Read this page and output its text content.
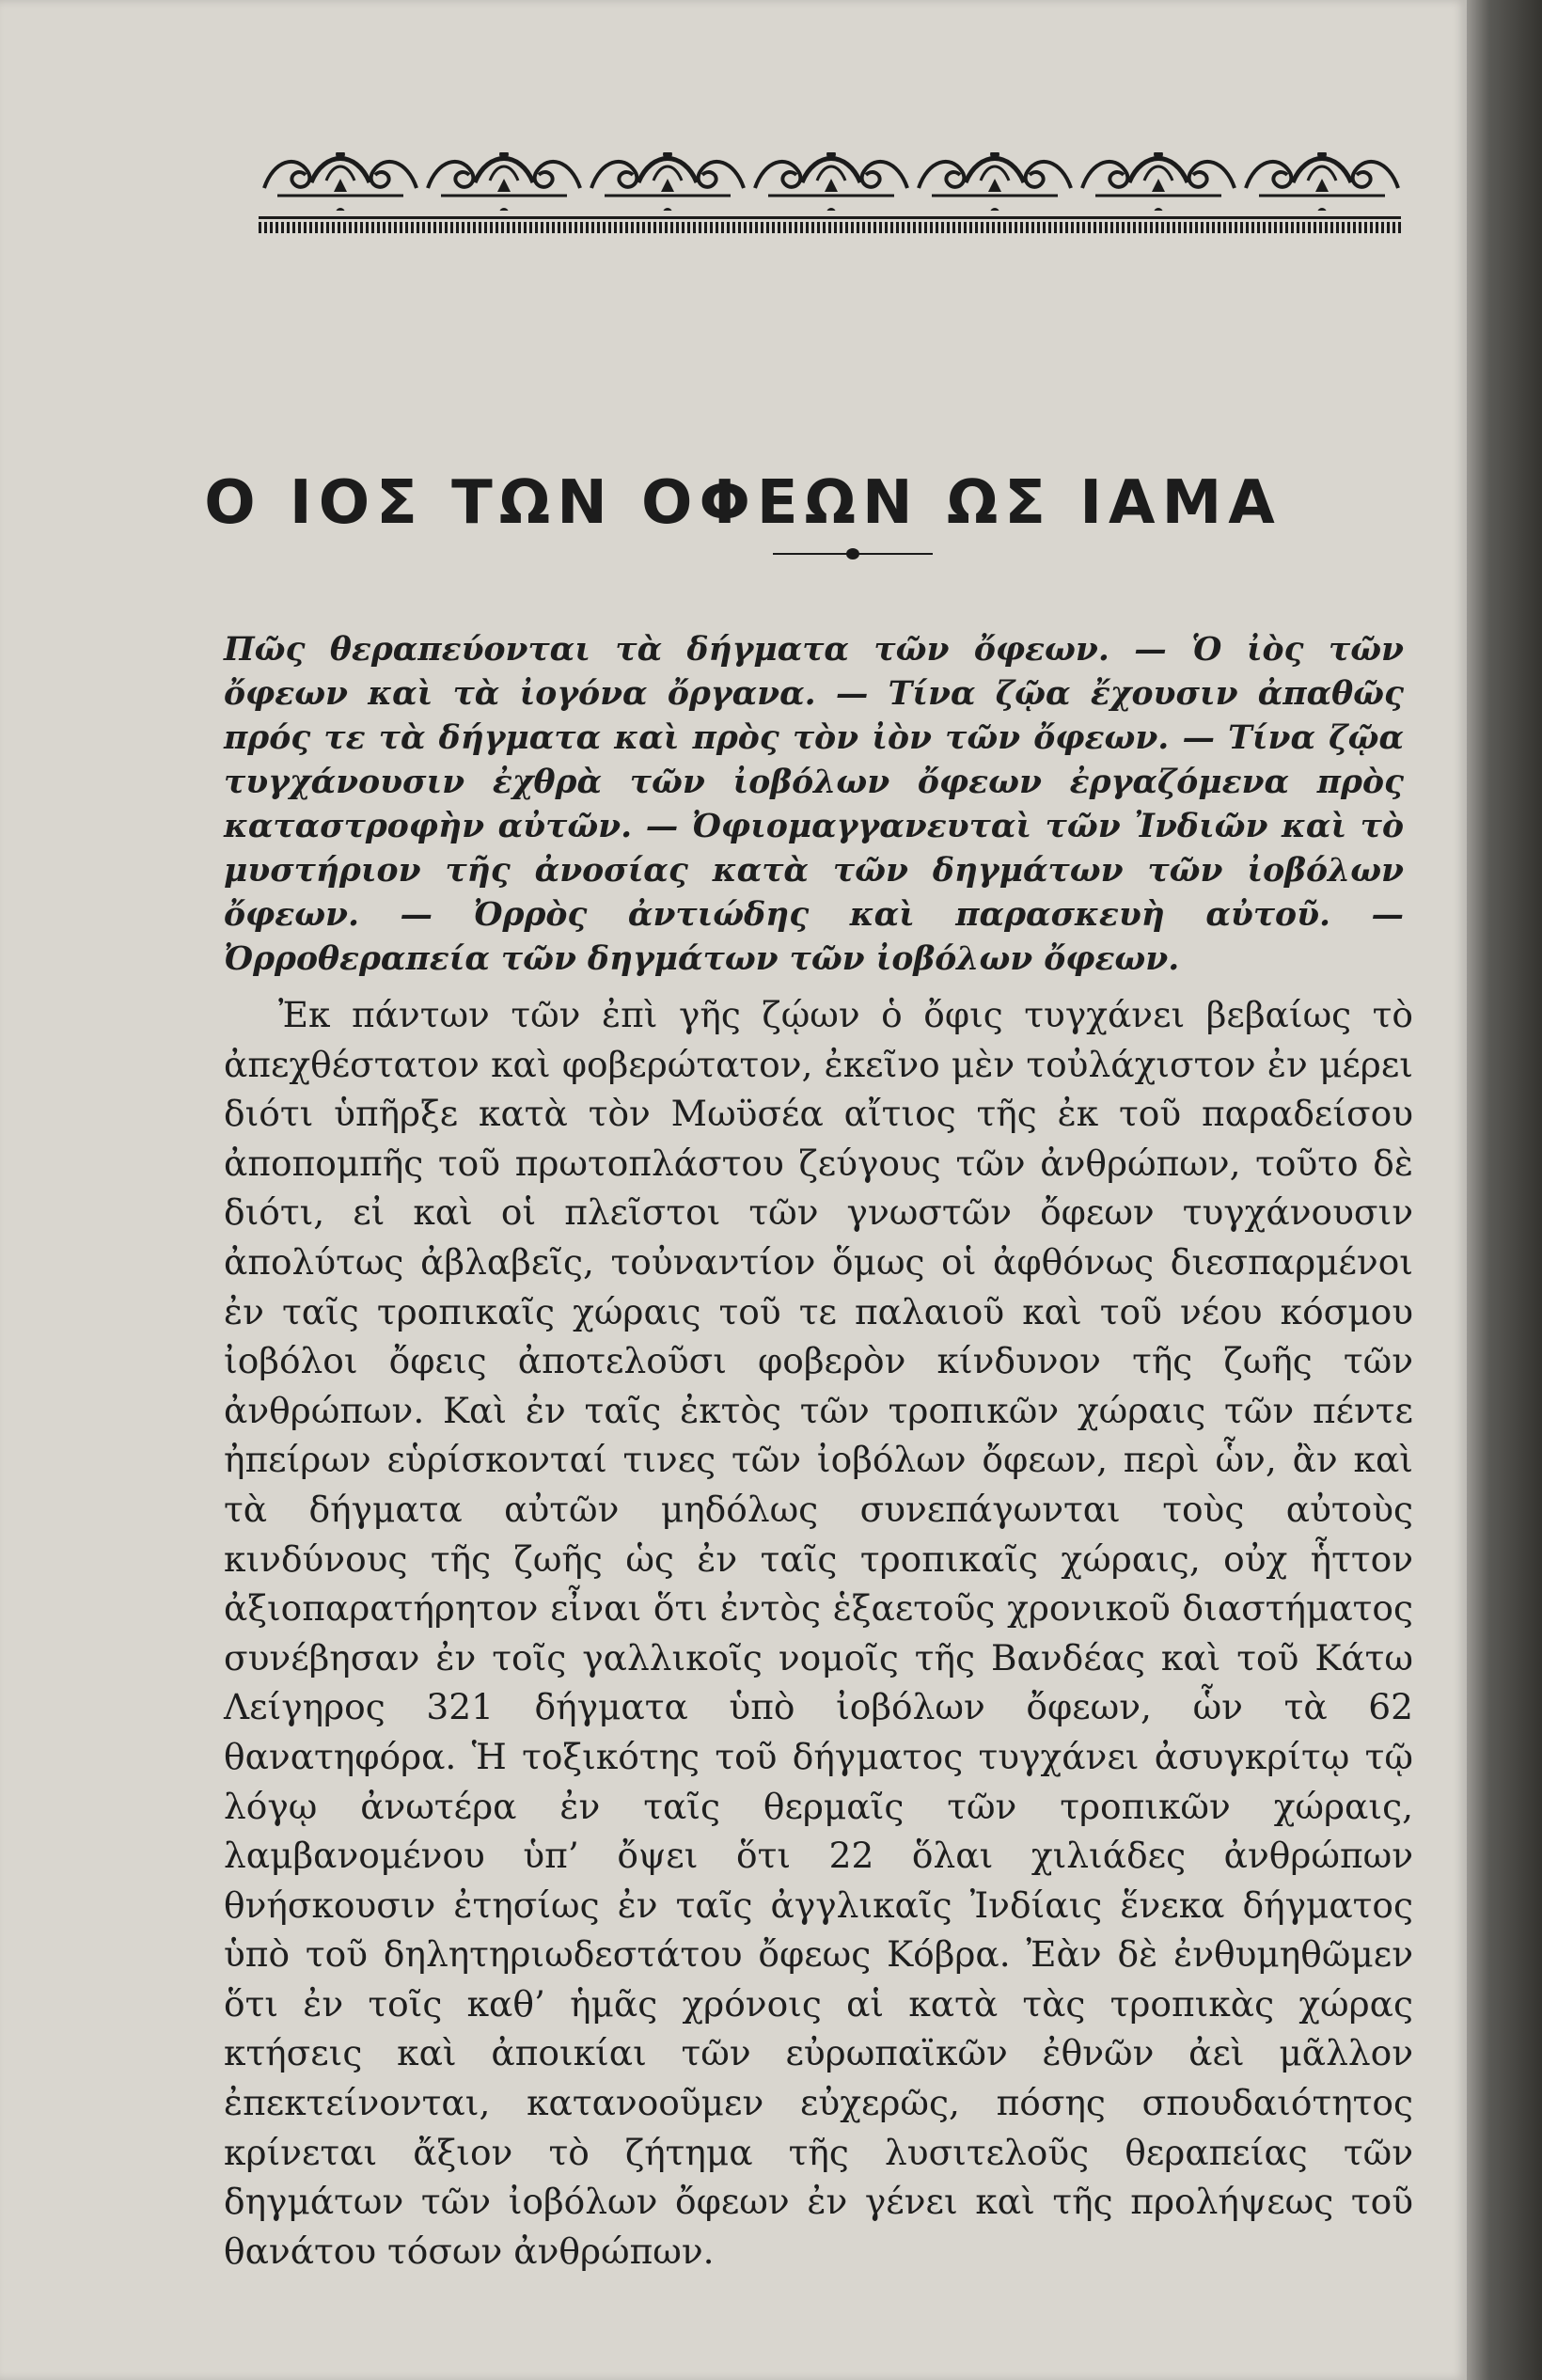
Ο ΙΟΣ ΤΩΝ ΟΦΕΩΝ ΩΣ ΙΑΜΑ

Πῶς θεραπεύονται τὰ δήγματα τῶν ὄφεων. — Ὁ ἰὸς τῶν ὄφεων καὶ τὰ ἰογόνα ὄργανα. — Τίνα ζῷα ἔχουσιν ἀπαθῶς πρός τε τὰ δήγματα καὶ πρὸς τὸν ἰὸν τῶν ὄφεων. — Τίνα ζῷα τυγχάνουσιν ἐχθρὰ τῶν ἰοβόλων ὄφεων ἐργαζόμενα πρὸς καταστροφὴν αὐτῶν. — Ὀφιομαγγανευταὶ τῶν Ἰνδιῶν καὶ τὸ μυστήριον τῆς ἀνοσίας κατὰ τῶν δηγμάτων τῶν ἰοβόλων ὄφεων. — Ὀρρὸς ἀντιώδης καὶ παρασκευὴ αὐτοῦ. — Ὀρροθεραπεία τῶν δηγμάτων τῶν ἰοβόλων ὄφεων.

Ἐκ πάντων τῶν ἐπὶ γῆς ζῴων ὁ ὄφις τυγχάνει βεβαίως τὸ ἀπεχθέστατον καὶ φοβερώτατον, ἐκεῖνο μὲν τοὐλάχιστον ἐν μέρει διότι ὑπῆρξε κατὰ τὸν Μωϋσέα αἴτιος τῆς ἐκ τοῦ παραδείσου ἀποπομπῆς τοῦ πρωτοπλάστου ζεύγους τῶν ἀνθρώπων, τοῦτο δὲ διότι, εἰ καὶ οἱ πλεῖστοι τῶν γνωστῶν ὄφεων τυγχάνουσιν ἀπολύτως ἀβλαβεῖς, τοὐναντίον ὅμως οἱ ἀφθόνως διεσπαρμένοι ἐν ταῖς τροπικαῖς χώραις τοῦ τε παλαιοῦ καὶ τοῦ νέου κόσμου ἰοβόλοι ὄφεις ἀποτελοῦσι φοβερὸν κίνδυνον τῆς ζωῆς τῶν ἀνθρώπων. Καὶ ἐν ταῖς ἐκτὸς τῶν τροπικῶν χώραις τῶν πέντε ἠπείρων εὑρίσκονταί τινες τῶν ἰοβόλων ὄφεων, περὶ ὧν, ἂν καὶ τὰ δήγματα αὐτῶν μηδόλως συνεπάγωνται τοὺς αὐτοὺς κινδύνους τῆς ζωῆς ὡς ἐν ταῖς τροπικαῖς χώραις, οὐχ ἧττον ἀξιοπαρατήρητον εἶναι ὅτι ἐντὸς ἑξαετοῦς χρονικοῦ διαστήματος συνέβησαν ἐν τοῖς γαλλικοῖς νομοῖς τῆς Βανδέας καὶ τοῦ Κάτω Λείγηρος 321 δήγματα ὑπὸ ἰοβόλων ὄφεων, ὧν τὰ 62 θανατηφόρα. Ἡ τοξικότης τοῦ δήγματος τυγχάνει ἀσυγκρίτῳ τῷ λόγῳ ἀνωτέρα ἐν ταῖς θερμαῖς τῶν τροπικῶν χώραις, λαμβανομένου ὑπ’ ὄψει ὅτι 22 ὅλαι χιλιάδες ἀνθρώπων θνήσκουσιν ἐτησίως ἐν ταῖς ἀγγλικαῖς Ἰνδίαις ἕνεκα δήγματος ὑπὸ τοῦ δηλητηριωδεστάτου ὄφεως Κόβρα. Ἐὰν δὲ ἐνθυμηθῶμεν ὅτι ἐν τοῖς καθ’ ἡμᾶς χρόνοις αἱ κατὰ τὰς τροπικὰς χώρας κτήσεις καὶ ἀποικίαι τῶν εὐρωπαϊκῶν ἐθνῶν ἀεὶ μᾶλλον ἐπεκτείνονται, κατανοοῦμεν εὐχερῶς, πόσης σπουδαιότητος κρίνεται ἄξιον τὸ ζήτημα τῆς λυσιτελοῦς θεραπείας τῶν δηγμάτων τῶν ἰοβόλων ὄφεων ἐν γένει καὶ τῆς προλήψεως τοῦ θανάτου τόσων ἀνθρώπων.
